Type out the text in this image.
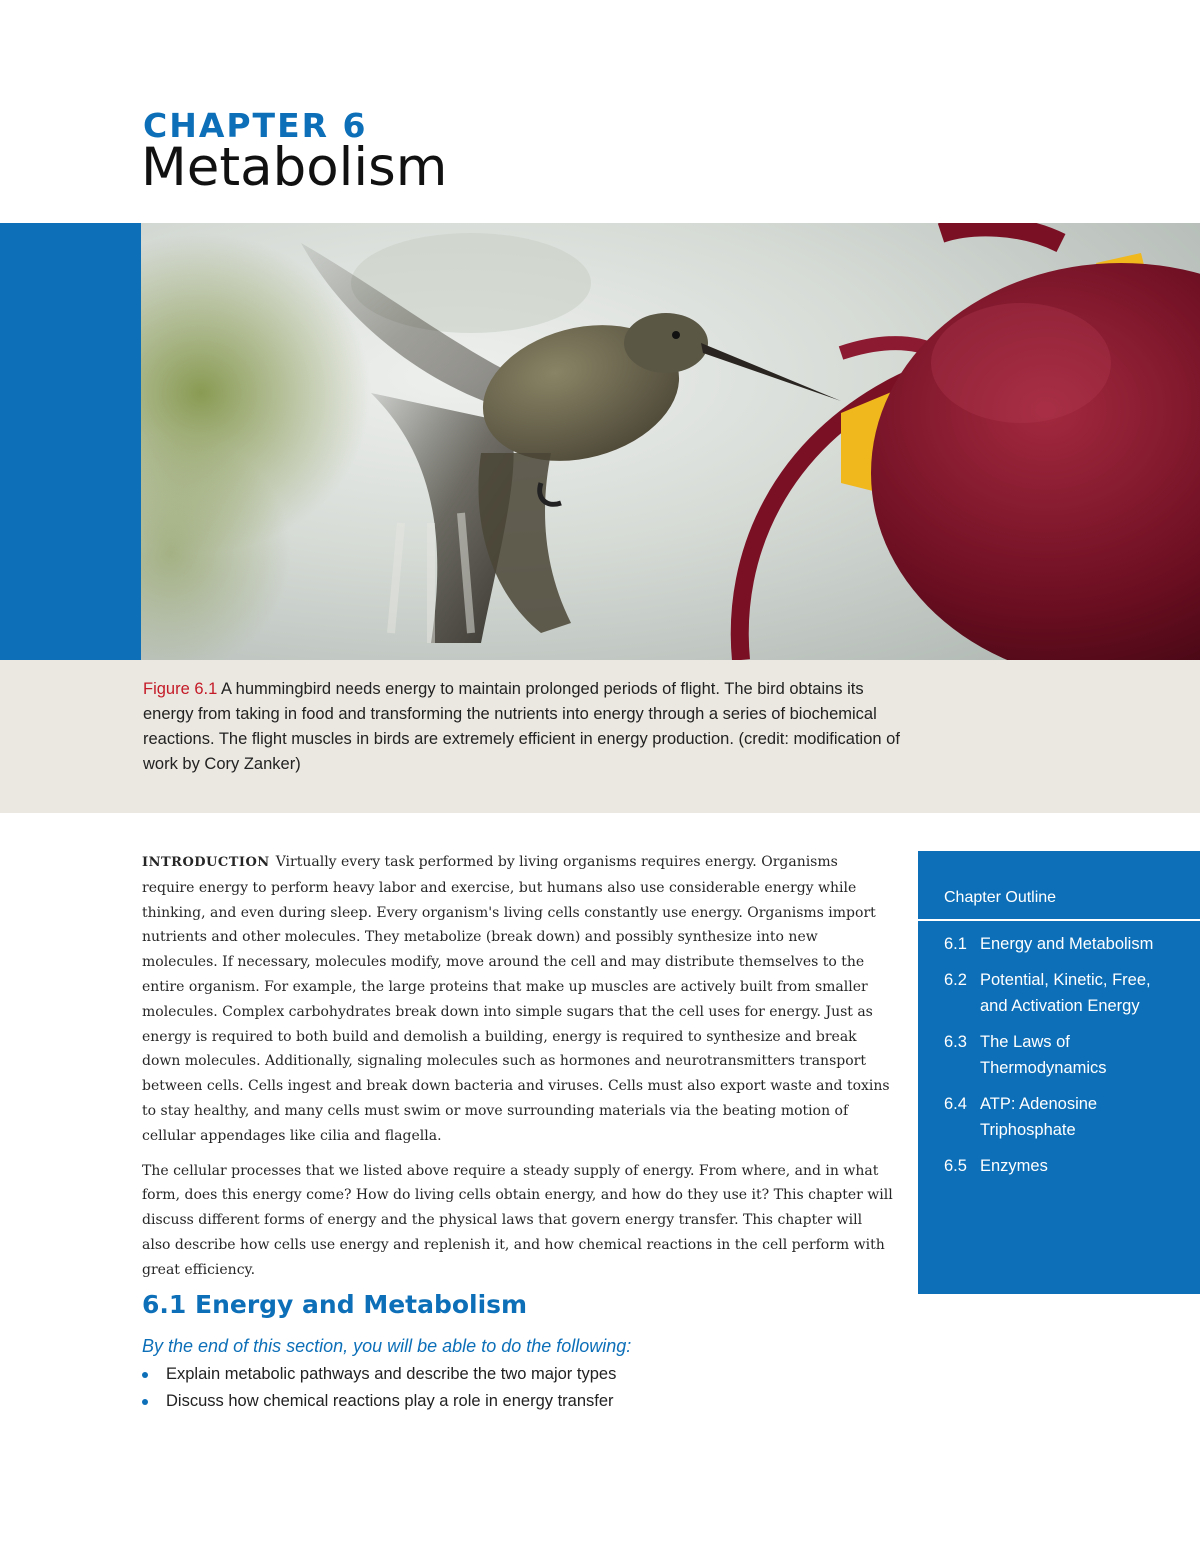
CHAPTER 6
Metabolism

Figure 6.1 A hummingbird needs energy to maintain prolonged periods of flight. The bird obtains its energy from taking in food and transforming the nutrients into energy through a series of biochemical reactions. The flight muscles in birds are extremely efficient in energy production. (credit: modification of work by Cory Zanker)

INTRODUCTION Virtually every task performed by living organisms requires energy. Organisms require energy to perform heavy labor and exercise, but humans also use considerable energy while thinking, and even during sleep. Every organism's living cells constantly use energy. Organisms import nutrients and other molecules. They metabolize (break down) and possibly synthesize into new molecules. If necessary, molecules modify, move around the cell and may distribute themselves to the entire organism. For example, the large proteins that make up muscles are actively built from smaller molecules. Complex carbohydrates break down into simple sugars that the cell uses for energy. Just as energy is required to both build and demolish a building, energy is required to synthesize and break down molecules. Additionally, signaling molecules such as hormones and neurotransmitters transport between cells. Cells ingest and break down bacteria and viruses. Cells must also export waste and toxins to stay healthy, and many cells must swim or move surrounding materials via the beating motion of cellular appendages like cilia and flagella.

The cellular processes that we listed above require a steady supply of energy. From where, and in what form, does this energy come? How do living cells obtain energy, and how do they use it? This chapter will discuss different forms of energy and the physical laws that govern energy transfer. This chapter will also describe how cells use energy and replenish it, and how chemical reactions in the cell perform with great efficiency.

6.1 Energy and Metabolism

By the end of this section, you will be able to do the following:

Explain metabolic pathways and describe the two major types
Discuss how chemical reactions play a role in energy transfer

Chapter Outline

6.1 Energy and Metabolism
6.2 Potential, Kinetic, Free, and Activation Energy
6.3 The Laws of Thermodynamics
6.4 ATP: Adenosine Triphosphate
6.5 Enzymes
